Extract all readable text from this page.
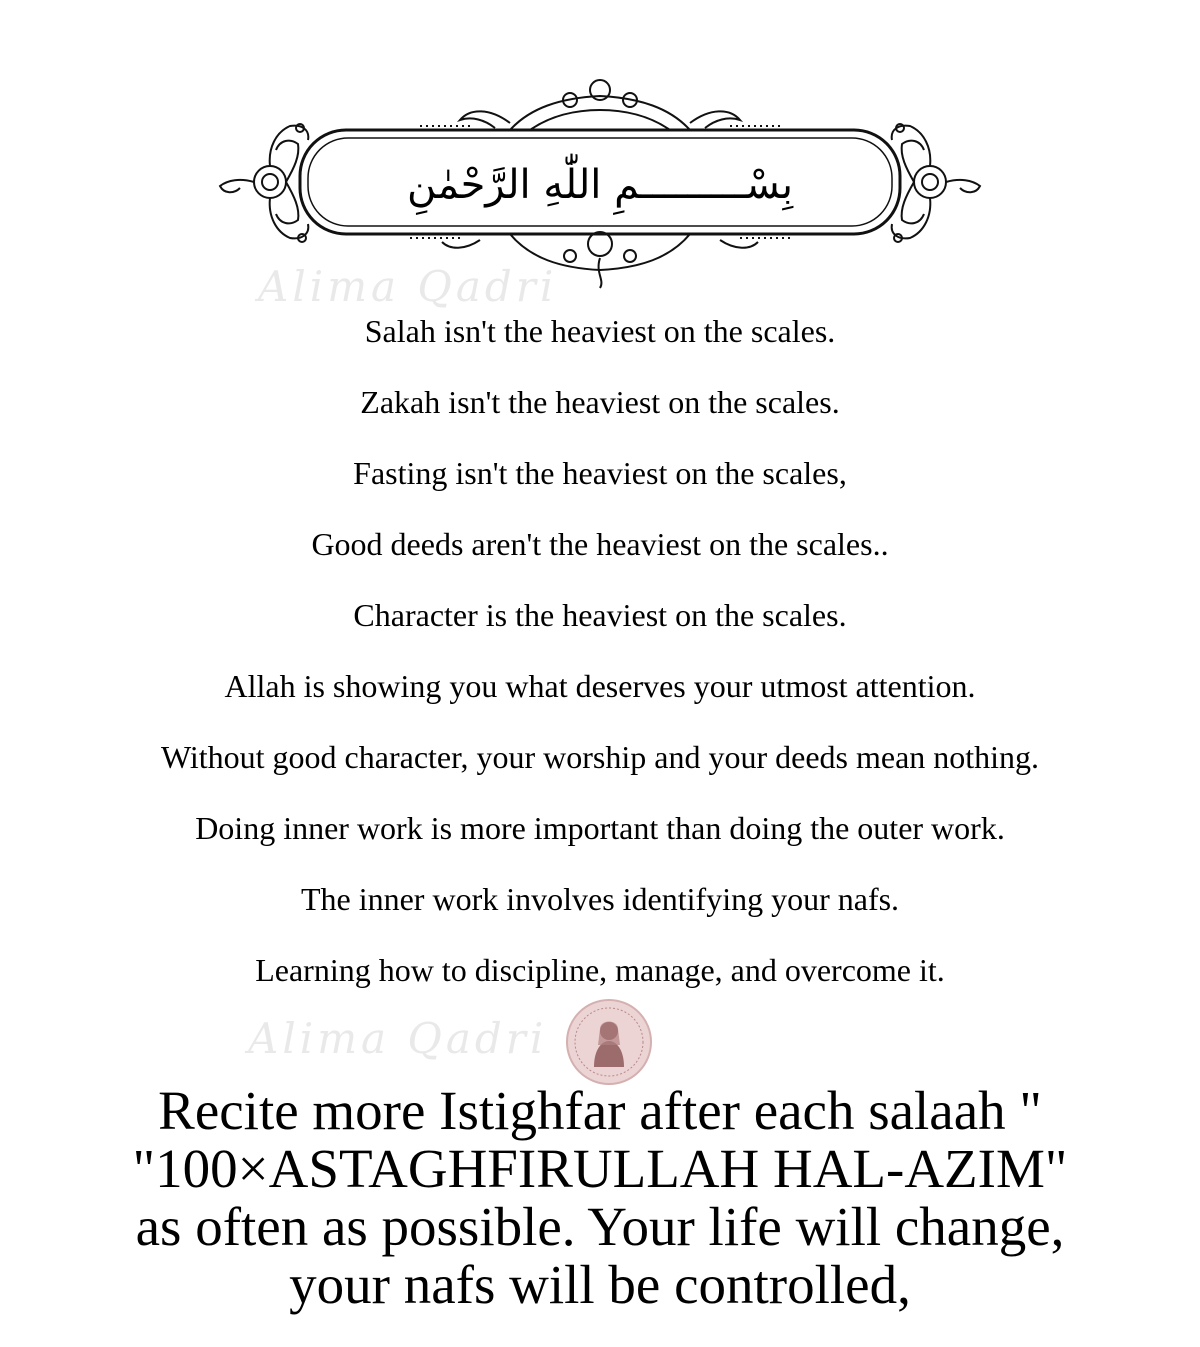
بِسْـــــــــمِ اللّٰهِ الرَّحْمٰنِ
Alima Qadri
Alima Qadri
Salah isn't the heaviest on the scales.
Zakah isn't the heaviest on the scales.
Fasting isn't the heaviest on the scales,
Good deeds aren't the heaviest on the scales..
Character is the heaviest on the scales.
Allah is showing you what deserves your utmost attention.
Without good character, your worship and your deeds mean nothing.
Doing inner work is more important than doing the outer work.
The inner work involves identifying your nafs.
Learning how to discipline, manage, and overcome it.
Recite more Istighfar after each salaah "
"100×ASTAGHFIRULLAH HAL-AZIM"
as often as possible. Your life will change,
your nafs will be controlled,
